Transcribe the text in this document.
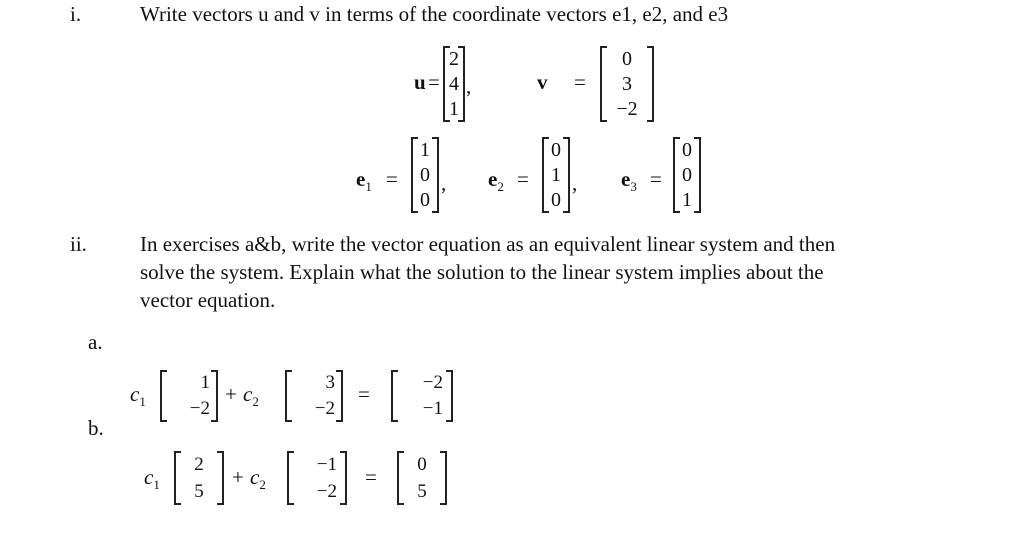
i.	Write vectors u and v in terms of the coordinate vectors e1, e2, and e3
u =
2
4
1
,	v =
0
3
−2
$e_1$ =
1
0
0
, $e_2$ =
0
1
0
, $e_3$ =
0
0
1
ii.	In exercises a&b, write the vector equation as an equivalent linear system and then
solve the system. Explain what the solution to the linear system implies about the
vector equation.
a.
b.
$c_1$
1
−2
+ $c_2$
3
−2
=	−2
−1
$c_1$
2
5
+ $c_2$
−1
−2
=
0
5
